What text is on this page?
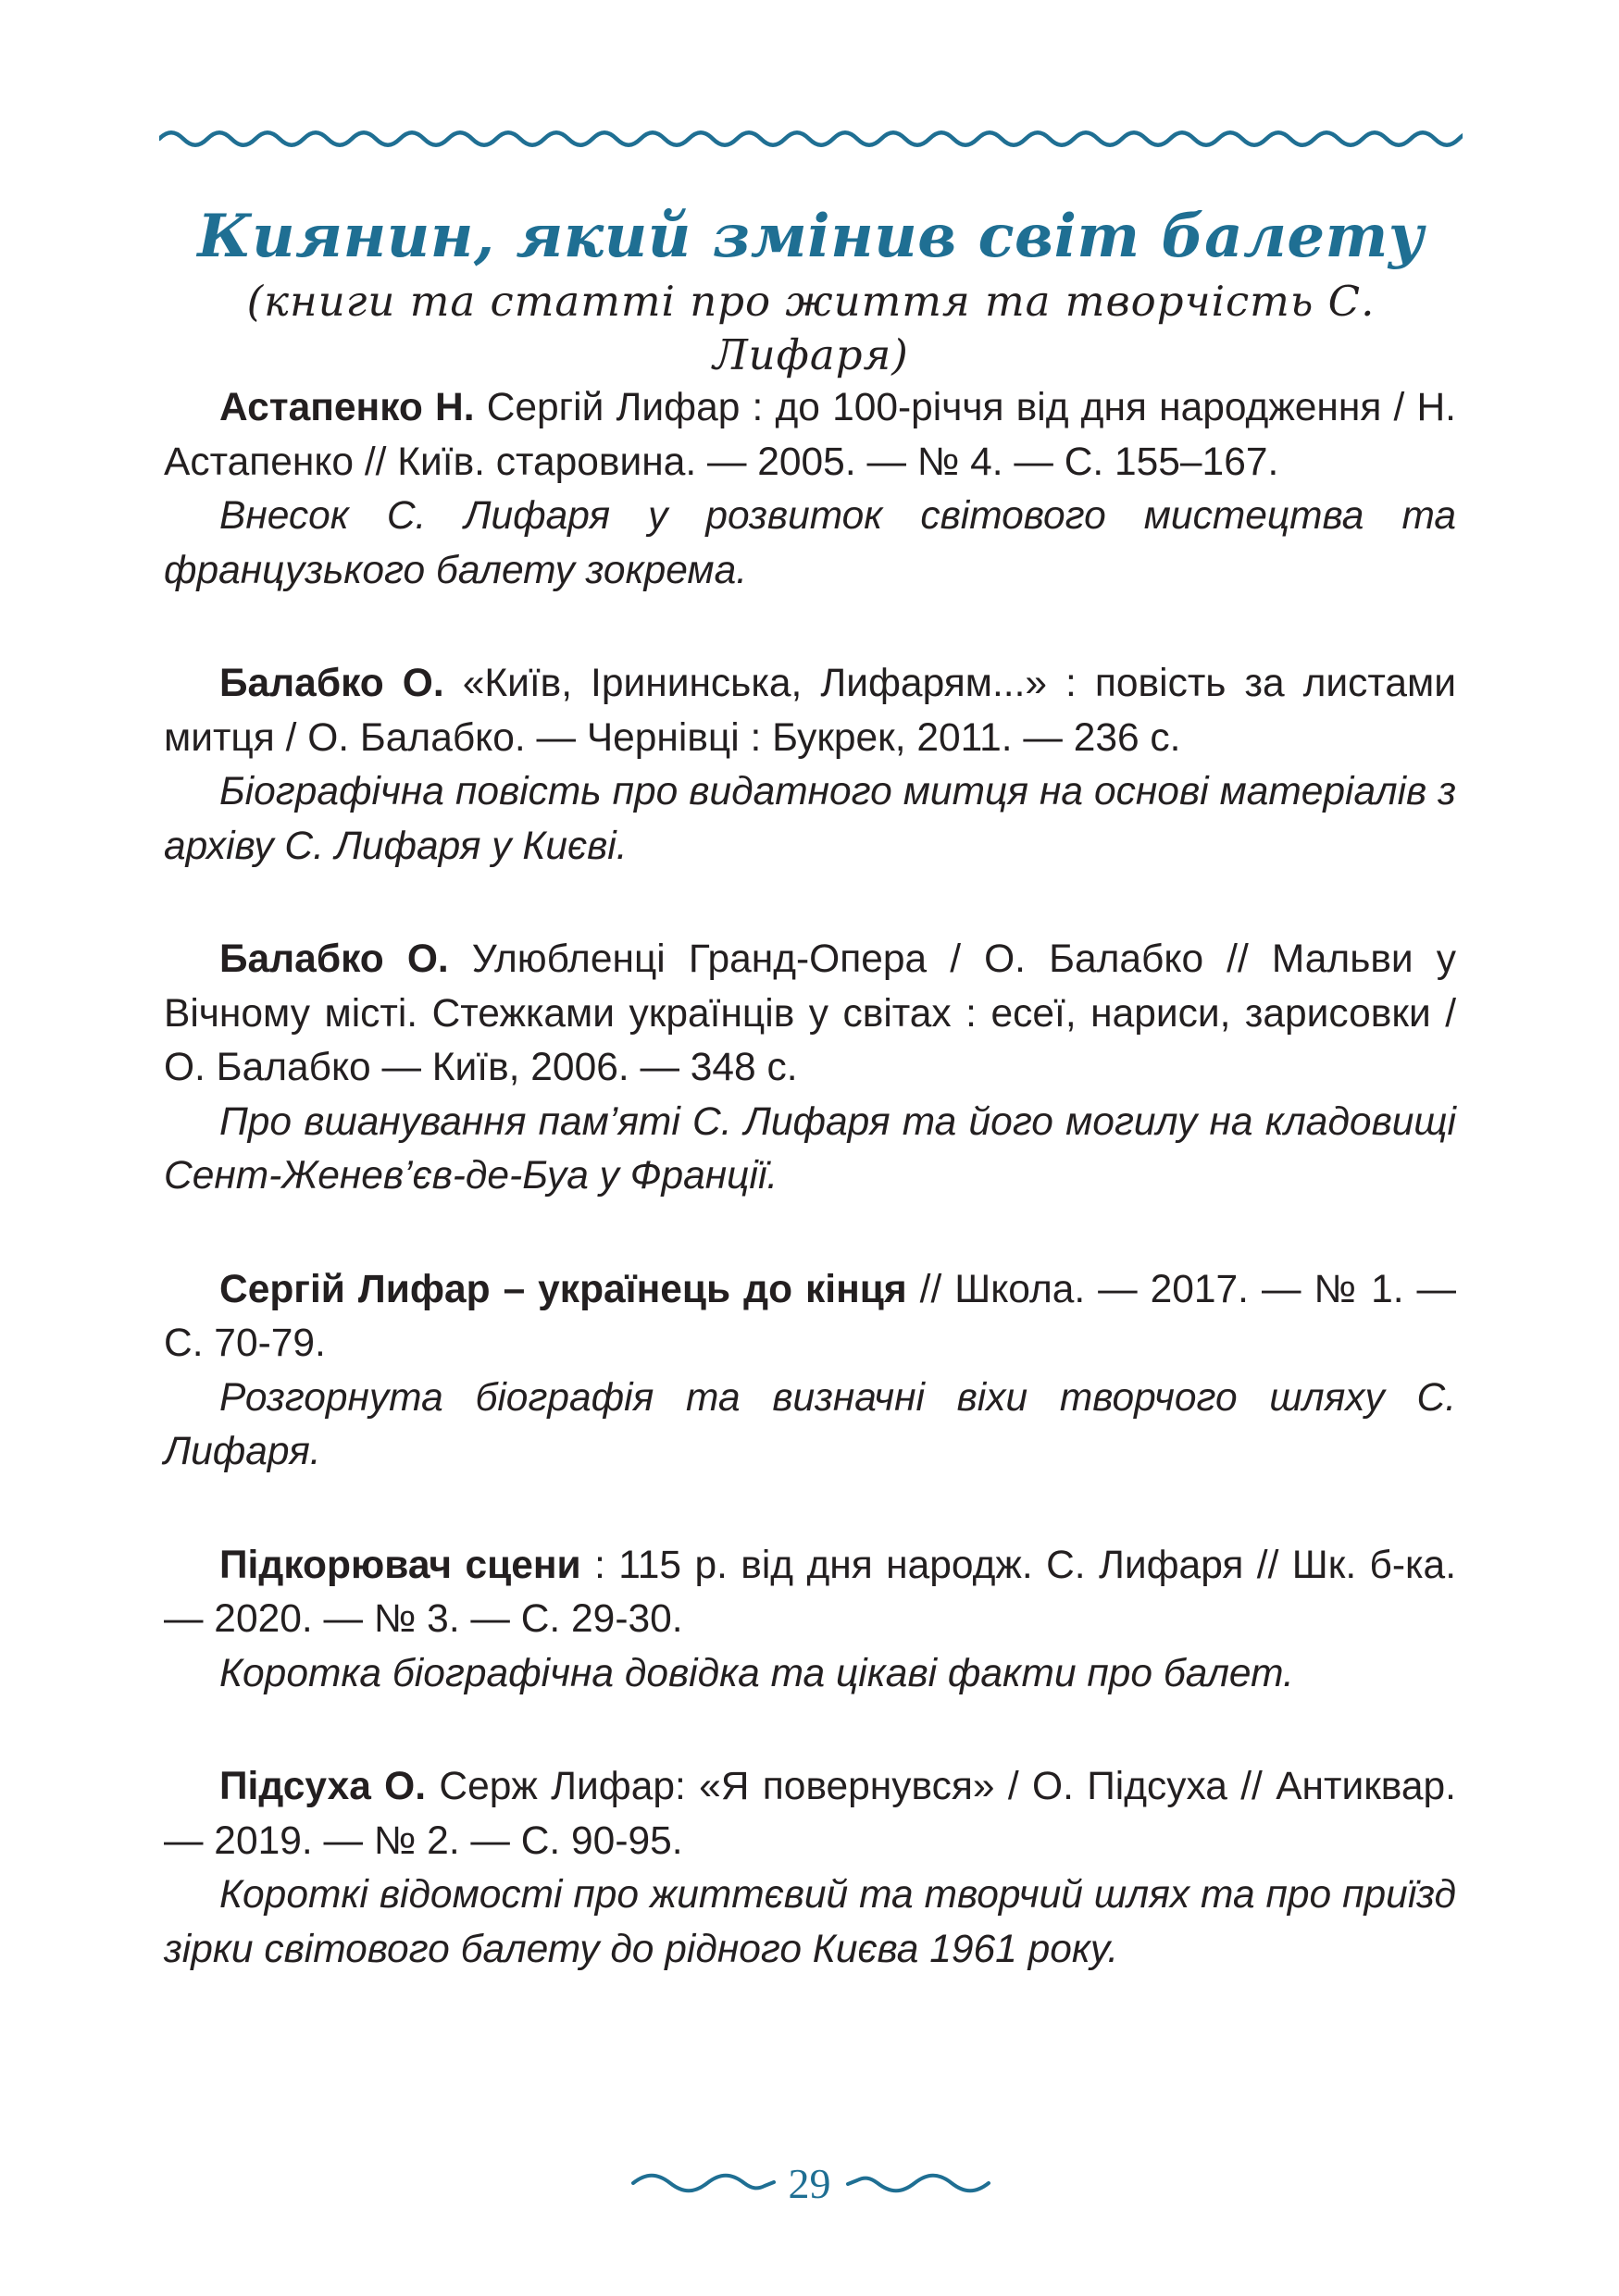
Киянин, який змінив світ балету

(книги та статті про життя та творчість С. Лифаря)

Астапенко Н. Сергій Лифар : до 100-річчя від дня народження / Н. Астапенко // Київ. старовина. — 2005. — № 4. — С. 155–167.

Внесок С. Лифаря у розвиток світового мистецтва та французького балету зокрема.

Балабко О. «Київ, Ірининська, Лифарям...» : повість за листами митця / О. Балабко. — Чернівці : Букрек, 2011. — 236 с.

Біографічна повість про видатного митця на основі матеріалів з архіву С. Лифаря у Києві.

Балабко О. Улюбленці Гранд-Опера / О. Балабко // Мальви у Вічному місті. Стежками українців у світах : есеї, нариси, зарисовки / О. Балабко — Київ, 2006. — 348 с.

Про вшанування пам’яті С. Лифаря та його могилу на кладовищі Сент-Женев’єв-де-Буа у Франції.

Сергій Лифар – українець до кінця // Школа. — 2017. — № 1. — С. 70-79.

Розгорнута біографія та визначні віхи творчого шляху С. Лифаря.

Підкорювач сцени : 115 р. від дня народж. С. Лифаря // Шк. б-ка. — 2020. — № 3. — С. 29-30.

Коротка біографічна довідка та цікаві факти про балет.

Підсуха О. Серж Лифар: «Я повернувся» / О. Підсуха // Антиквар. — 2019. — № 2. — С. 90-95.

Короткі відомості про життєвий та творчий шлях та про приїзд зірки світового балету до рідного Києва 1961 року.

29
